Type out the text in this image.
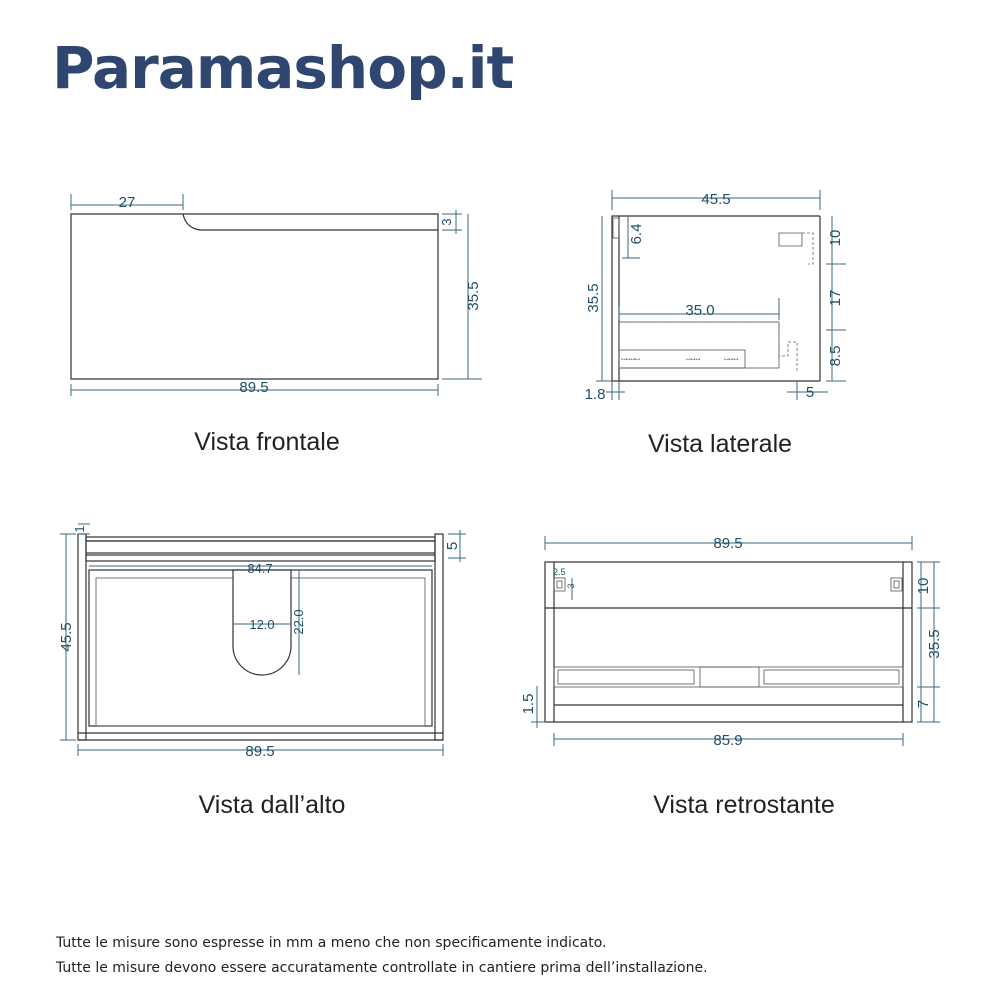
Paramashop.it
27
3
35.5
89.5
᎑᎑᎑᎑	᎑᎑᎑	᎑᎑᎑
45.5
35.5
6.4	10
17
8.5
35.0
1.8	5
1
5
84.7
12.0 22.0
45.5
89.5
89.5
2.5
3	10
35.5
7
1.5
85.9
Vista frontale	Vista laterale
Vista dall’alto	Vista retrostante
Tutte le misure sono espresse in mm a meno che non specificamente indicato.
Tutte le misure devono essere accuratamente controllate in cantiere prima dell’installazione.
